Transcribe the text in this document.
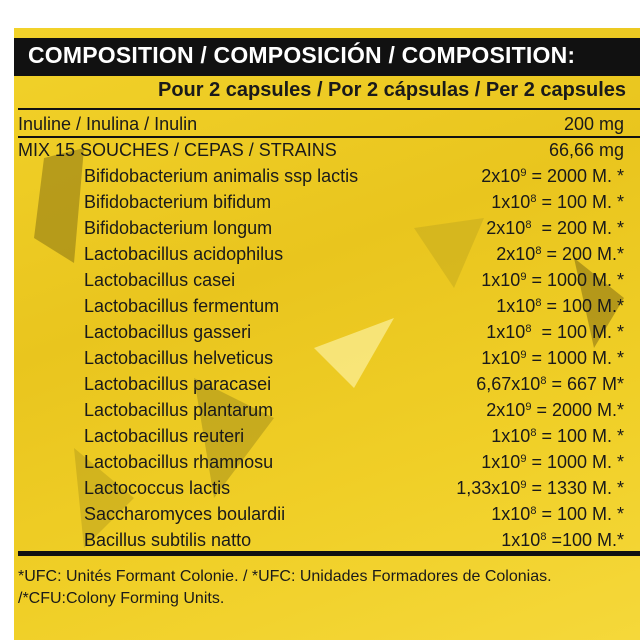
COMPOSITION / COMPOSICIÓN / COMPOSITION:
Pour 2 capsules / Por 2 cápsulas / Per 2 capsules
Inuline / Inulina / Inulin	200 mg
MIX 15 SOUCHES / CEPAS / STRAINS	66,66 mg
Bifidobacterium animalis ssp lactis	$2x10^9 = 2000$ M. *
Bifidobacterium bifidum	$1x10^8 = 100$ M. *
Bifidobacterium longum	$2x10^8 = 200$ M. *
Lactobacillus acidophilus	$2x10^8 = 200$ M.*
Lactobacillus casei	$1x10^9 = 1000$ M. *
Lactobacillus fermentum	$1x10^8 = 100$ M.*
Lactobacillus gasseri	$1x10^8 = 100$ M. *
Lactobacillus helveticus	$1x10^9 = 1000$ M. *
Lactobacillus paracasei	$6,67x10^8 = 667$ M*
Lactobacillus plantarum	$2x10^9 = 2000$ M.*
Lactobacillus reuteri	$1x10^8 = 100$ M. *
Lactobacillus rhamnosu	$1x10^9 = 1000$ M. *
Lactococcus lactis	$1,33x10^9 = 1330$ M. *
Saccharomyces boulardii	$1x10^8 = 100$ M. *
Bacillus subtilis natto	$1x10^8 =100$ M.*
*UFC: Unités Formant Colonie. / *UFC: Unidades Formadores de Colonias. /*CFU:Colony Forming Units.
